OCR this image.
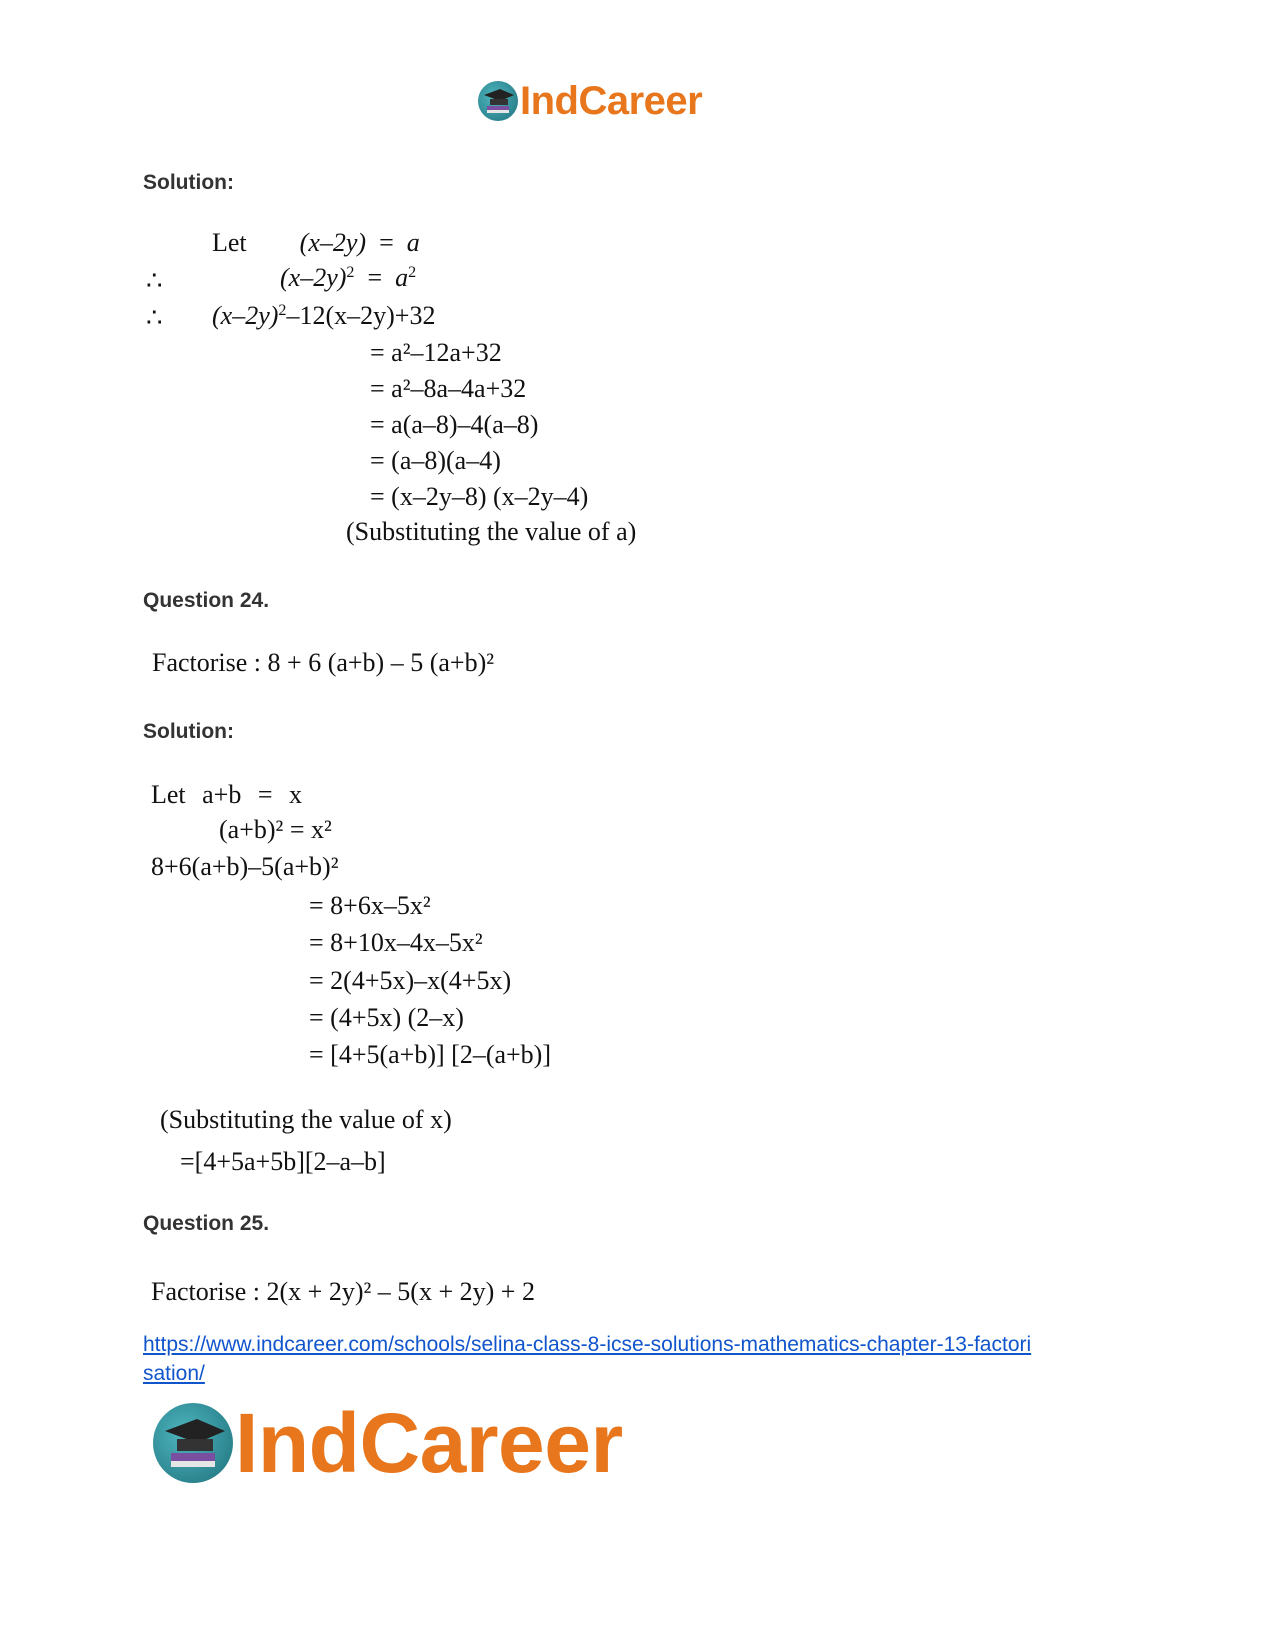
IndCareer
Solution:
Let (x–2y) = a
∴	$(x-2y)^2 = a^2$
∴ $(x-2y)^2-12(x-2y)+32$
= a²–12a+32
= a²–8a–4a+32
= a(a–8)–4(a–8)
= (a–8)(a–4)
= (x–2y–8) (x–2y–4)
(Substituting the value of a)
Question 24.
Factorise : 8 + 6 (a+b) – 5 (a+b)²
Solution:
Let a+b = x
(a+b)² = x²
8+6(a+b)–5(a+b)²
= 8+6x–5x²
= 8+10x–4x–5x²
= 2(4+5x)–x(4+5x)
= (4+5x) (2–x)
= [4+5(a+b)] [2–(a+b)]
(Substituting the value of x)
=[4+5a+5b][2–a–b]
Question 25.
Factorise : 2(x + 2y)² – 5(x + 2y) + 2
https://www.indcareer.com/schools/selina-class-8-icse-solutions-mathematics-chapter-13-factori
sation/
IndCareer
